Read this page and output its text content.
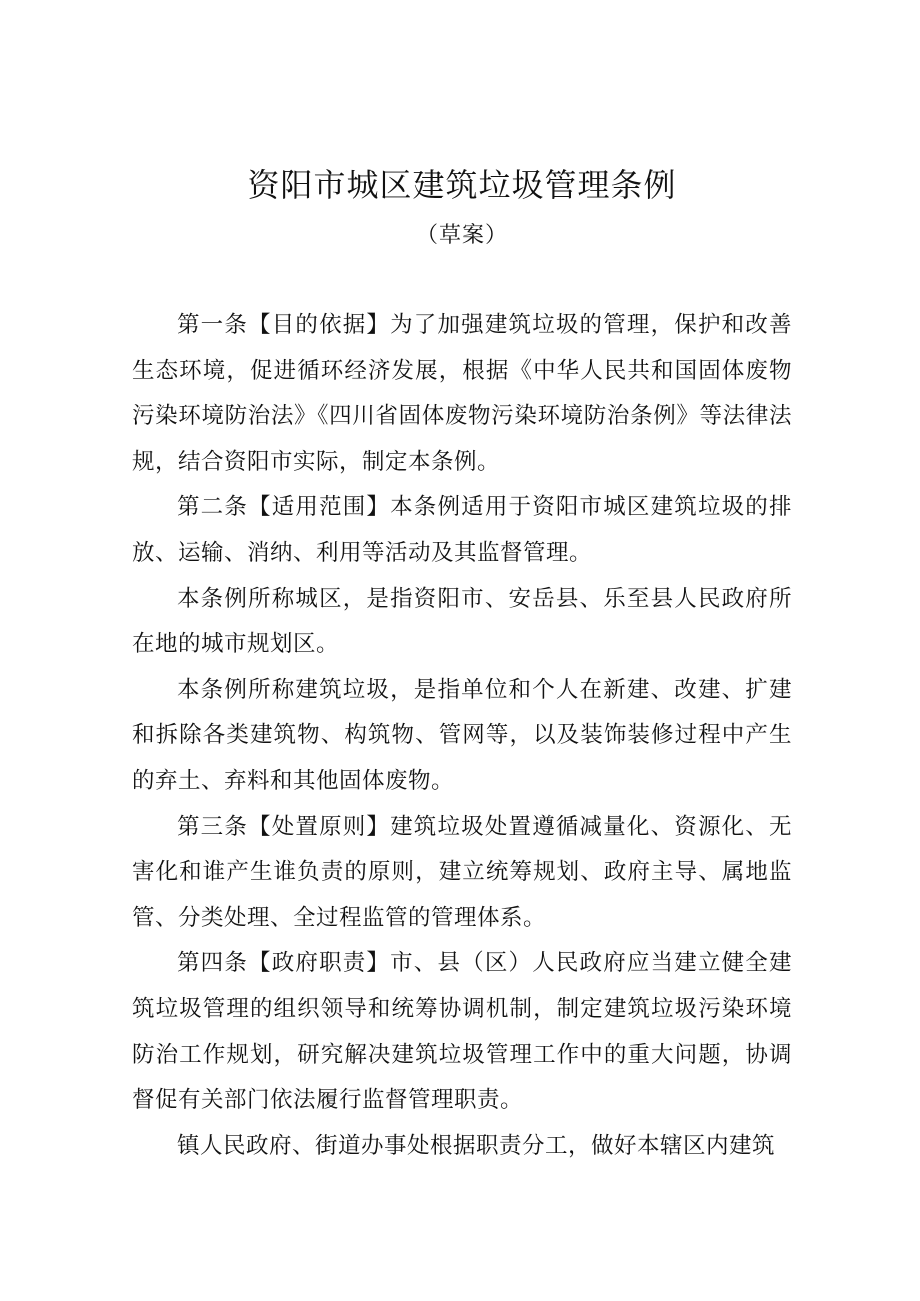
资阳市城区建筑垃圾管理条例
（草案）

第一条【目的依据】为了加强建筑垃圾的管理，保护和改善生态环境，促进循环经济发展，根据《中华人民共和国固体废物污染环境防治法》《四川省固体废物污染环境防治条例》等法律法规，结合资阳市实际，制定本条例。

第二条【适用范围】本条例适用于资阳市城区建筑垃圾的排放、运输、消纳、利用等活动及其监督管理。

本条例所称城区，是指资阳市、安岳县、乐至县人民政府所在地的城市规划区。

本条例所称建筑垃圾，是指单位和个人在新建、改建、扩建和拆除各类建筑物、构筑物、管网等，以及装饰装修过程中产生的弃土、弃料和其他固体废物。

第三条【处置原则】建筑垃圾处置遵循减量化、资源化、无害化和谁产生谁负责的原则，建立统筹规划、政府主导、属地监管、分类处理、全过程监管的管理体系。

第四条【政府职责】市、县（区）人民政府应当建立健全建筑垃圾管理的组织领导和统筹协调机制，制定建筑垃圾污染环境防治工作规划，研究解决建筑垃圾管理工作中的重大问题，协调督促有关部门依法履行监督管理职责。

镇人民政府、街道办事处根据职责分工，做好本辖区内建筑
